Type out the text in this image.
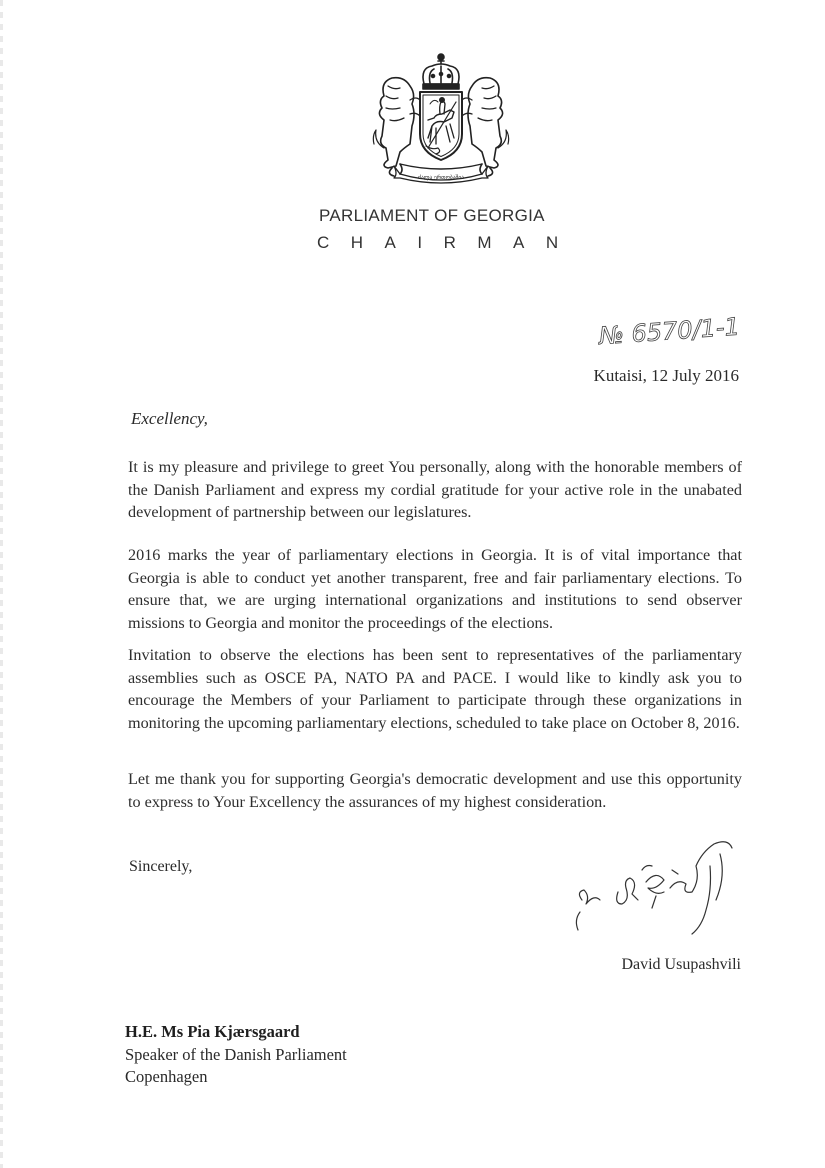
ძალა ერთობაშია
PARLIAMENT OF GEORGIA
CHAIRMAN
№ 6570/1-1
Kutaisi, 12 July 2016
Excellency,

It is my pleasure and privilege to greet You personally, along with the honorable members of the Danish Parliament and express my cordial gratitude for your active role in the unabated development of partnership between our legislatures.

2016 marks the year of parliamentary elections in Georgia. It is of vital importance that Georgia is able to conduct yet another transparent, free and fair parliamentary elections. To ensure that, we are urging international organizations and institutions to send observer missions to Georgia and monitor the proceedings of the elections.

Invitation to observe the elections has been sent to representatives of the parliamentary assemblies such as OSCE PA, NATO PA and PACE. I would like to kindly ask you to encourage the Members of your Parliament to participate through these organizations in monitoring the upcoming parliamentary elections, scheduled to take place on October 8, 2016.

Let me thank you for supporting Georgia's democratic development and use this opportunity to express to Your Excellency the assurances of my highest consideration.

Sincerely,
David Usupashvili
H.E. Ms Pia Kjærsgaard
Speaker of the Danish Parliament
Copenhagen
